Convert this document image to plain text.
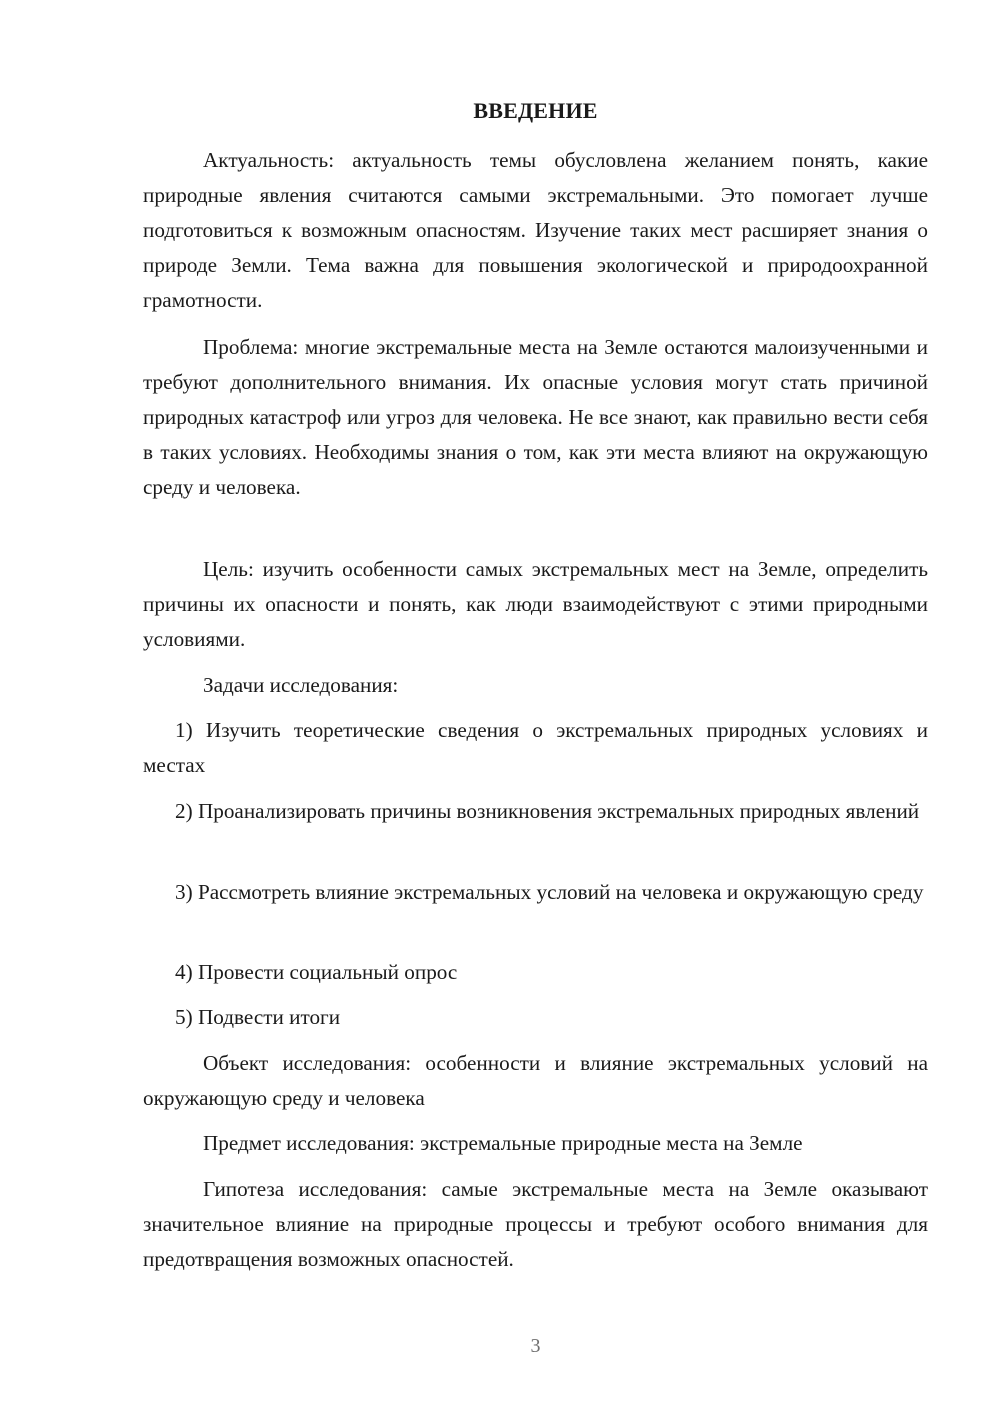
ВВЕДЕНИЕ

Актуальность: актуальность темы обусловлена желанием понять, какие природные явления считаются самыми экстремальными. Это помогает лучше подготовиться к возможным опасностям. Изучение таких мест расширяет знания о природе Земли. Тема важна для повышения экологической и природоохранной грамотности.

Проблема: многие экстремальные места на Земле остаются малоизученными и требуют дополнительного внимания. Их опасные условия могут стать причиной природных катастроф или угроз для человека. Не все знают, как правильно вести себя в таких условиях. Необходимы знания о том, как эти места влияют на окружающую среду и человека.

Цель: изучить особенности самых экстремальных мест на Земле, определить причины их опасности и понять, как люди взаимодействуют с этими природными условиями.

Задачи исследования:

1) Изучить теоретические сведения о экстремальных природных условиях и местах

2) Проанализировать причины возникновения экстремальных природных явлений

3) Рассмотреть влияние экстремальных условий на человека и окружающую среду

4) Провести социальный опрос

5) Подвести итоги

Объект исследования: особенности и влияние экстремальных условий на окружающую среду и человека

Предмет исследования: экстремальные природные места на Земле

Гипотеза исследования: самые экстремальные места на Земле оказывают значительное влияние на природные процессы и требуют особого внимания для предотвращения возможных опасностей.

3
